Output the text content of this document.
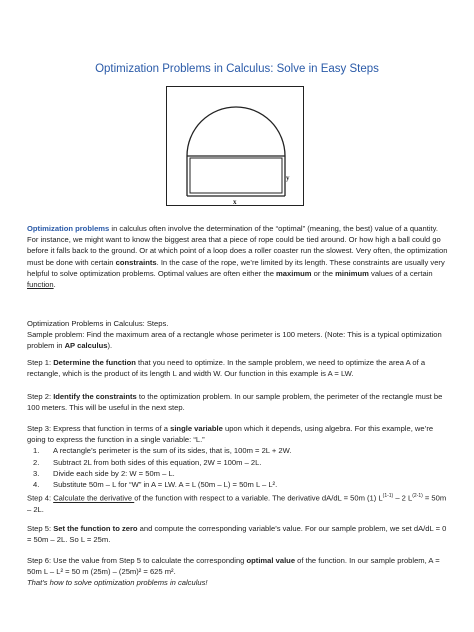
Optimization Problems in Calculus: Solve in Easy Steps
y
x

Optimization problems in calculus often involve the determination of the “optimal” (meaning, the best) value of a quantity. For instance, we might want to know the biggest area that a piece of rope could be tied around. Or how high a ball could go before it falls back to the ground. Or at which point of a loop does a roller coaster run the slowest. Very often, the optimization must be done with certain constraints. In the case of the rope, we’re limited by its length. These constraints are usually very helpful to solve optimization problems. Optimal values are often either the maximum or the minimum values of a certain function.

Optimization Problems in Calculus: Steps.

Sample problem: Find the maximum area of a rectangle whose perimeter is 100 meters. (Note: This is a typical optimization problem in AP calculus).

Step 1: Determine the function that you need to optimize. In the sample problem, we need to optimize the area A of a rectangle, which is the product of its length L and width W. Our function in this example is A = LW.

Step 2: Identify the constraints to the optimization problem. In our sample problem, the perimeter of the rectangle must be 100 meters. This will be useful in the next step.

Step 3: Express that function in terms of a single variable upon which it depends, using algebra. For this example, we’re going to express the function in a single variable: “L.”
1.	A rectangle’s perimeter is the sum of its sides, that is, 100m = 2L + 2W.
2.	Subtract 2L from both sides of this equation, 2W = 100m – 2L.
3.	Divide each side by 2: W = 50m – L.
4.	Substitute 50m – L for “W” in A = LW. A = L (50m – L) = 50m L – L².

Step 4: Calculate the derivative of the function with respect to a variable. The derivative dA/dL = 50m (1) $L^{(1-1)} - 2$ $L^{(2-1)} = 50m - 2L$.

Step 5: Set the function to zero and compute the corresponding variable’s value. For our sample problem, we set dA/dL = 0 = 50m – 2L. So L = 25m.

Step 6: Use the value from Step 5 to calculate the corresponding optimal value of the function. In our sample problem, A = 50m L – L² = 50 m (25m) – (25m)² = 625 m².
That’s how to solve optimization problems in calculus!
